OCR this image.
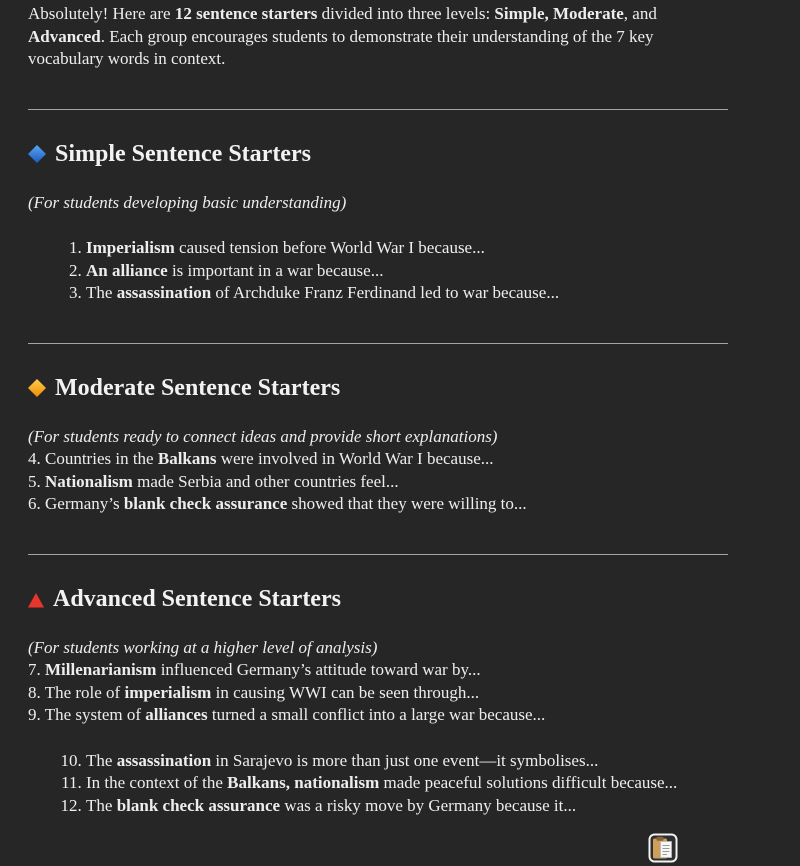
Absolutely! Here are 12 sentence starters divided into three levels: Simple, Moderate, and Advanced. Each group encourages students to demonstrate their understanding of the 7 key vocabulary words in context.

Simple Sentence Starters

(For students developing basic understanding)

1. Imperialism caused tension before World War I because...
2. An alliance is important in a war because...
3. The assassination of Archduke Franz Ferdinand led to war because...
Moderate Sentence Starters

(For students ready to connect ideas and provide short explanations)
4. Countries in the Balkans were involved in World War I because...
5. Nationalism made Serbia and other countries feel...
6. Germany’s blank check assurance showed that they were willing to...

Advanced Sentence Starters

(For students working at a higher level of analysis)
7. Millenarianism influenced Germany’s attitude toward war by...
8. The role of imperialism in causing WWI can be seen through...
9. The system of alliances turned a small conflict into a large war because...

10. The assassination in Sarajevo is more than just one event—it symbolises...
11. In the context of the Balkans, nationalism made peaceful solutions difficult because...
12. The blank check assurance was a risky move by Germany because it...
